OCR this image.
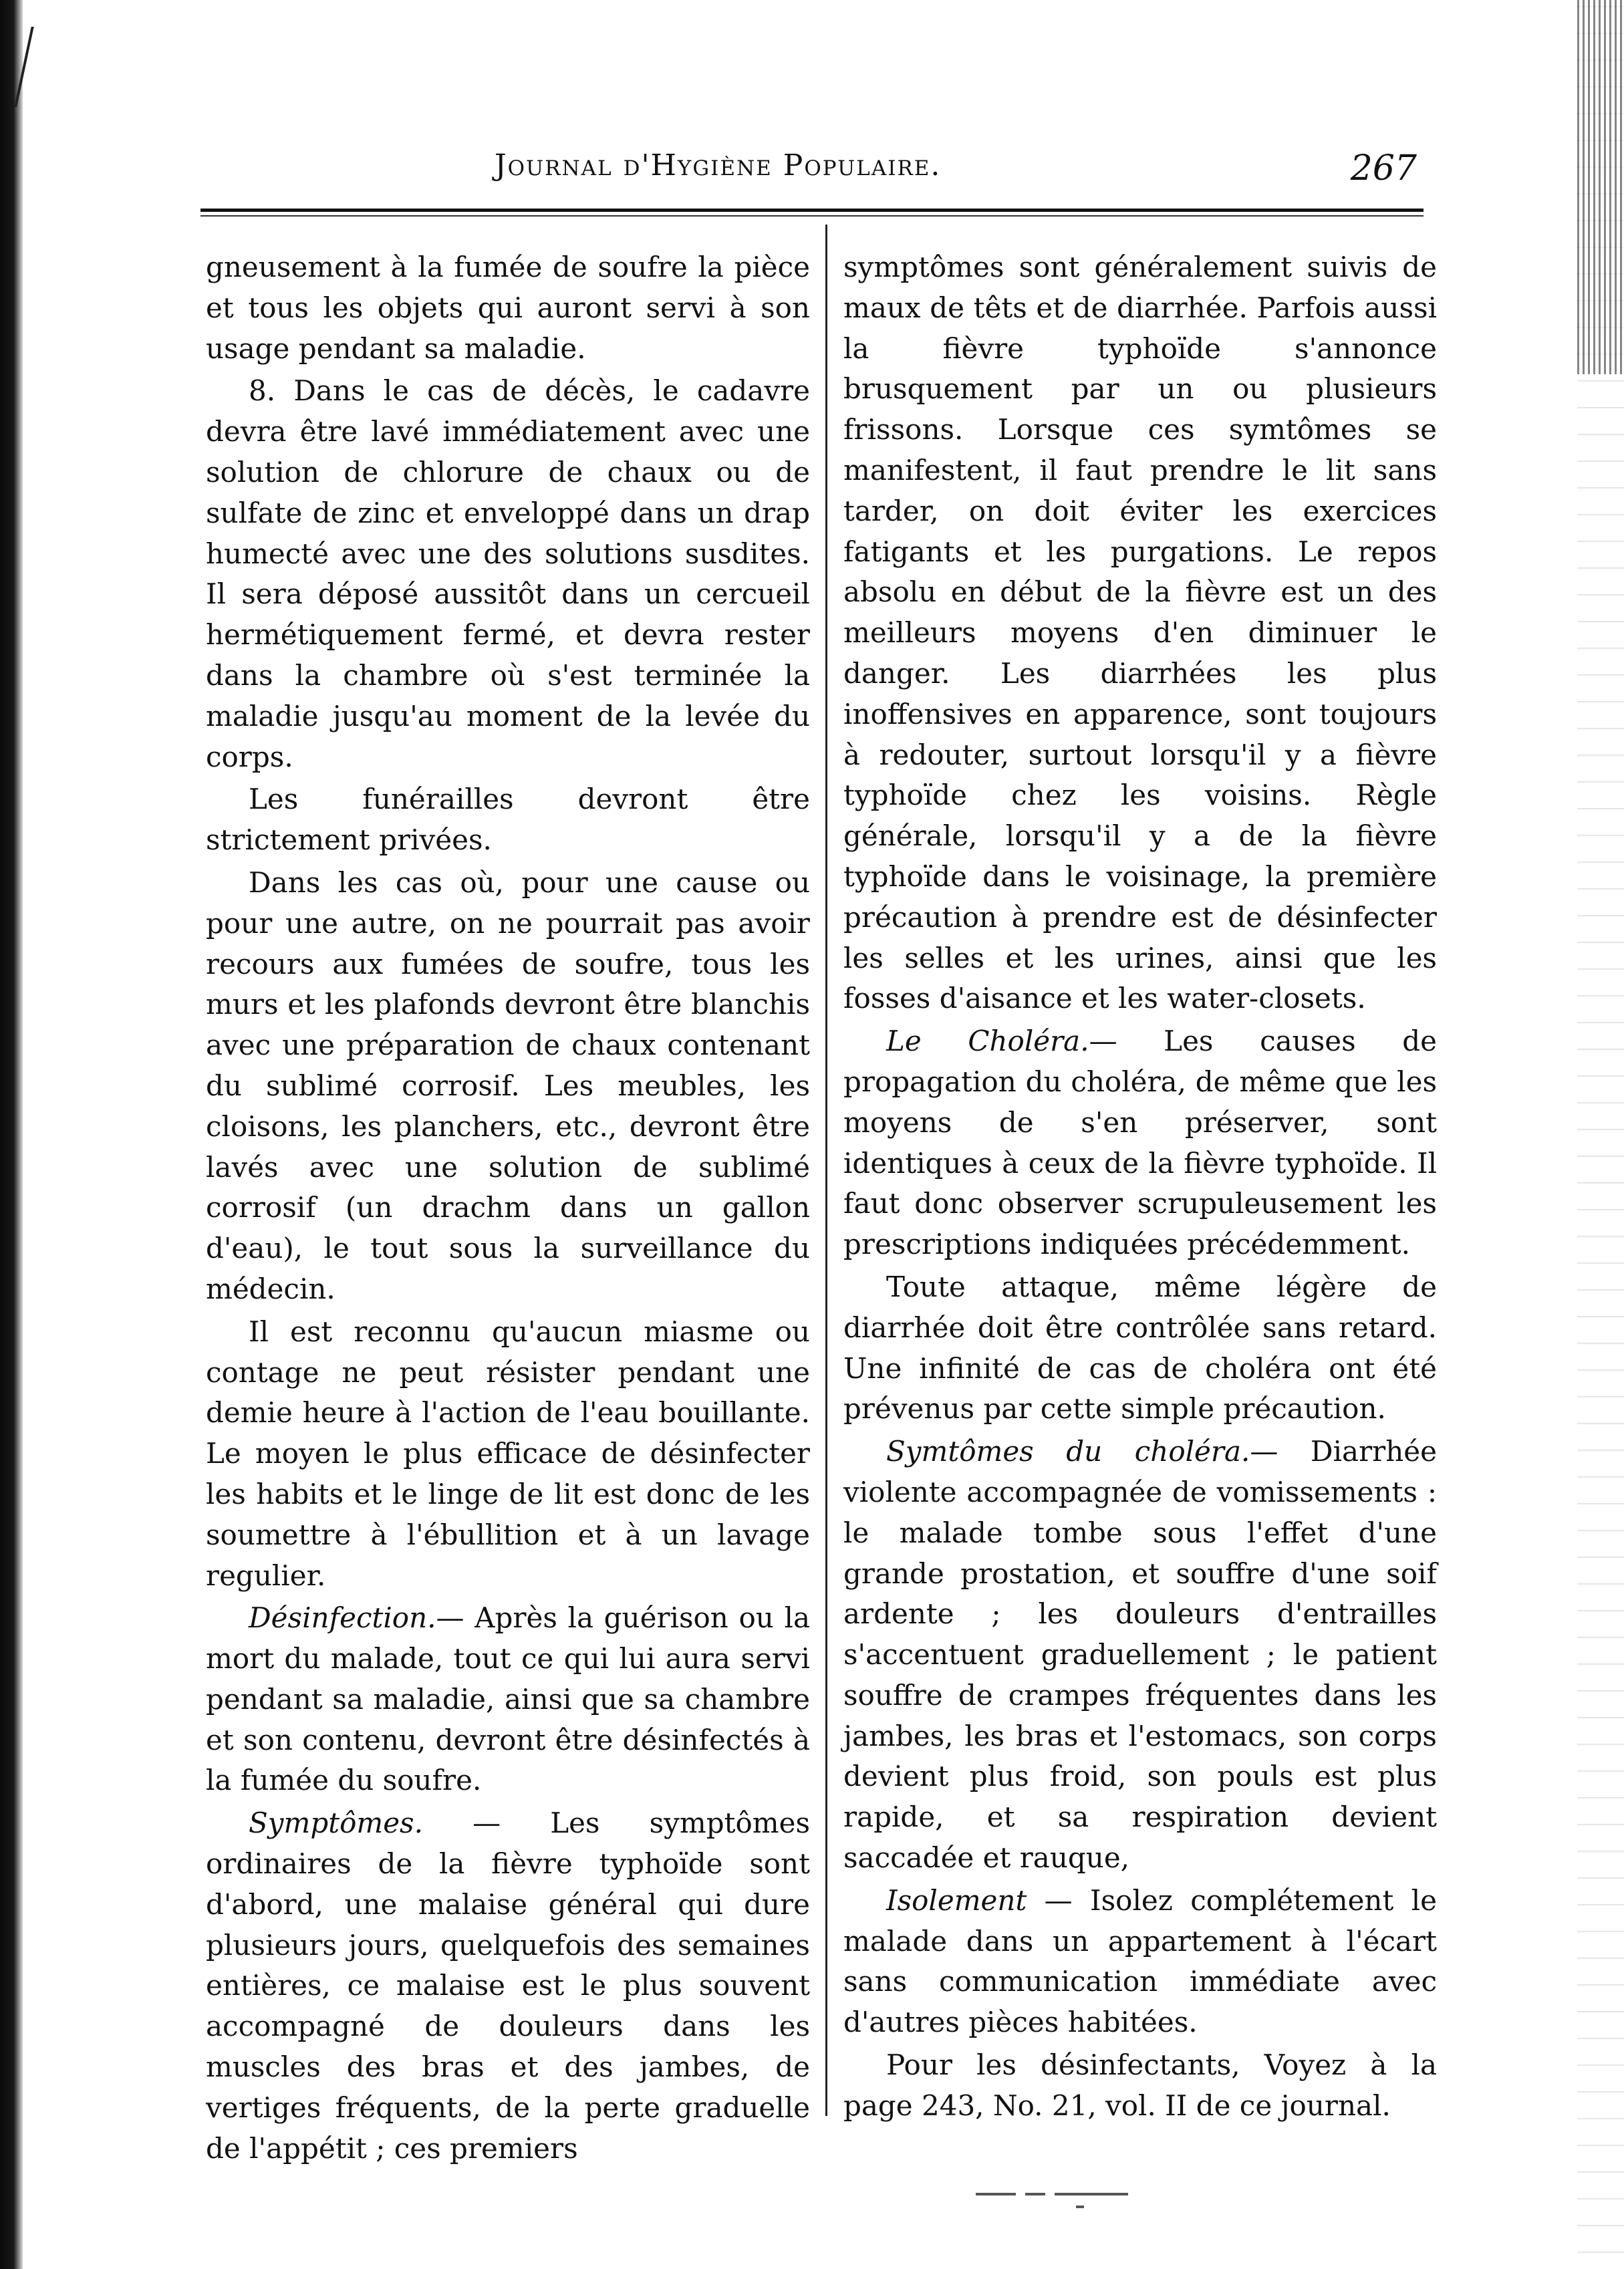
Journal d'Hygiène Populaire.	267

gneusement à la fumée de soufre la pièce et tous les objets qui auront servi à son usage pendant sa maladie.

8. Dans le cas de décès, le cadavre devra être lavé immédiatement avec une solution de chlorure de chaux ou de sulfate de zinc et enveloppé dans un drap humecté avec une des solutions susdites. Il sera déposé aussitôt dans un cercueil hermétiquement fermé, et devra rester dans la chambre où s'est terminée la maladie jusqu'au moment de la levée du corps.

Les funérailles devront être strictement privées.

Dans les cas où, pour une cause ou pour une autre, on ne pourrait pas avoir recours aux fumées de soufre, tous les murs et les plafonds devront être blanchis avec une préparation de chaux contenant du sublimé corrosif. Les meubles, les cloisons, les planchers, etc., devront être lavés avec une solution de sublimé corrosif (un drachm dans un gallon d'eau), le tout sous la surveillance du médecin.

Il est reconnu qu'aucun miasme ou contage ne peut résister pendant une demie heure à l'action de l'eau bouillante. Le moyen le plus efficace de désinfecter les habits et le linge de lit est donc de les soumettre à l'ébullition et à un lavage regulier.

Désinfection.— Après la guérison ou la mort du malade, tout ce qui lui aura servi pendant sa maladie, ainsi que sa chambre et son contenu, devront être désinfectés à la fumée du soufre.

Symptômes. — Les symptômes ordinaires de la fièvre typhoïde sont d'abord, une malaise général qui dure plusieurs jours, quelquefois des semaines entières, ce malaise est le plus souvent accompagné de douleurs dans les muscles des bras et des jambes, de vertiges fréquents, de la perte graduelle de l'appétit ; ces premiers

symptômes sont généralement suivis de maux de têts et de diarrhée. Parfois aussi la fièvre typhoïde s'annonce brusquement par un ou plusieurs frissons. Lorsque ces symtômes se manifestent, il faut prendre le lit sans tarder, on doit éviter les exercices fatigants et les purgations. Le repos absolu en début de la fièvre est un des meilleurs moyens d'en diminuer le danger. Les diarrhées les plus inoffensives en apparence, sont toujours à redouter, surtout lorsqu'il y a fièvre typhoïde chez les voisins. Règle générale, lorsqu'il y a de la fièvre typhoïde dans le voisinage, la première précaution à prendre est de désinfecter les selles et les urines, ainsi que les fosses d'aisance et les water-closets.

Le Choléra.— Les causes de propagation du choléra, de même que les moyens de s'en préserver, sont identiques à ceux de la fièvre typhoïde. Il faut donc observer scrupuleusement les prescriptions indiquées précédemment.

Toute attaque, même légère de diarrhée doit être contrôlée sans retard. Une infinité de cas de choléra ont été prévenus par cette simple précaution.

Symtômes du choléra.— Diarrhée violente accompagnée de vomissements : le malade tombe sous l'effet d'une grande prostation, et souffre d'une soif ardente ; les douleurs d'entrailles s'accentuent graduellement ; le patient souffre de crampes fréquentes dans les jambes, les bras et l'estomacs, son corps devient plus froid, son pouls est plus rapide, et sa respiration devient saccadée et rauque,

Isolement — Isolez complétement le malade dans un appartement à l'écart sans communication immédiate avec d'autres pièces habitées.

Pour les désinfectants, Voyez à la page 243, No. 21, vol. II de ce journal.
